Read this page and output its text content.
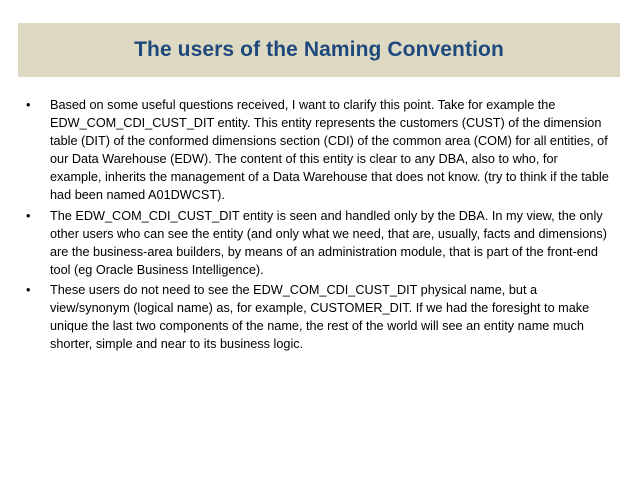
The users of the Naming Convention
•	Based on some useful questions received, I want to clarify this point. Take for example the EDW_COM_CDI_CUST_DIT entity. This entity represents the customers (CUST) of the dimension table (DIT) of the conformed dimensions section (CDI) of the common area (COM) for all entities, of our Data Warehouse (EDW). The content of this entity is clear to any DBA, also to who, for example, inherits the management of a Data Warehouse that does not know. (try to think if the table had been named A01DWCST).
•	The EDW_COM_CDI_CUST_DIT entity is seen and handled only by the DBA. In my view, the only other users who can see the entity (and only what we need, that are, usually, facts and dimensions) are the business-area builders, by means of an administration module, that is part of the front-end tool (eg Oracle Business Intelligence).
•	These users do not need to see the EDW_COM_CDI_CUST_DIT physical name, but a view/synonym (logical name) as, for example, CUSTOMER_DIT. If we had the foresight to make unique the last two components of the name, the rest of the world will see an entity name much shorter, simple and near to its business logic.
